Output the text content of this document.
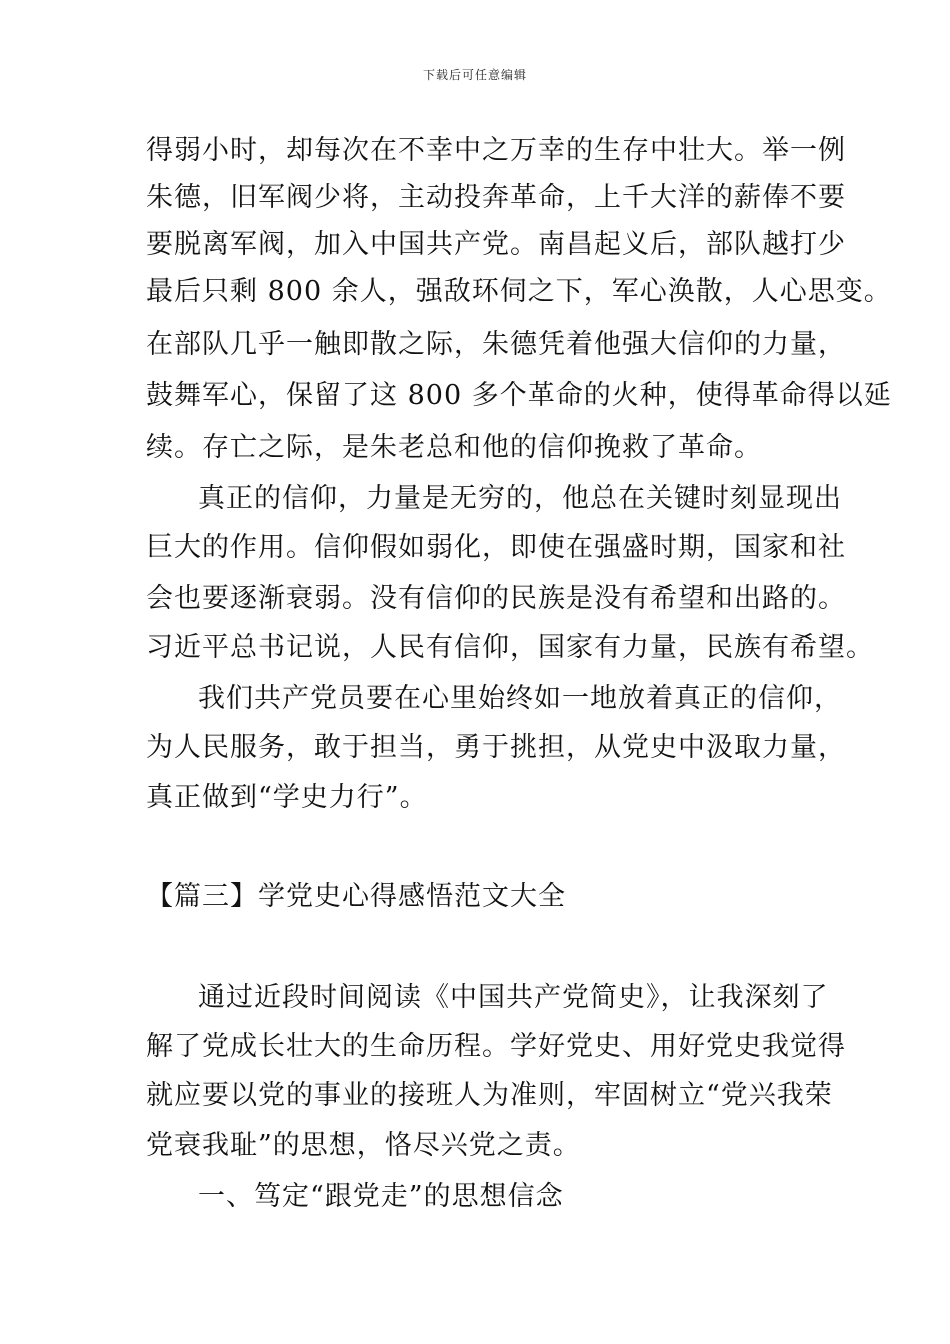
下载后可任意编辑
得弱小时，却每次在不幸中之万幸的生存中壮大。举一例
朱德，旧军阀少将，主动投奔革命，上千大洋的薪俸不要
要脱离军阀，加入中国共产党。南昌起义后，部队越打少
最后只剩 800 余人，强敌环伺之下，军心涣散，人心思变。
在部队几乎一触即散之际，朱德凭着他强大信仰的力量，
鼓舞军心，保留了这 800 多个革命的火种，使得革命得以延
续。存亡之际，是朱老总和他的信仰挽救了革命。
真正的信仰，力量是无穷的，他总在关键时刻显现出
巨大的作用。信仰假如弱化，即使在强盛时期，国家和社
会也要逐渐衰弱。没有信仰的民族是没有希望和出路的。
习近平总书记说，人民有信仰，国家有力量，民族有希望。
我们共产党员要在心里始终如一地放着真正的信仰，
为人民服务，敢于担当，勇于挑担，从党史中汲取力量，
真正做到“学史力行”。
【篇三】学党史心得感悟范文大全
通过近段时间阅读《中国共产党简史》，让我深刻了
解了党成长壮大的生命历程。学好党史、用好党史我觉得
就应要以党的事业的接班人为准则，牢固树立“党兴我荣
党衰我耻”的思想，恪尽兴党之责。
一、笃定“跟党走”的思想信念
